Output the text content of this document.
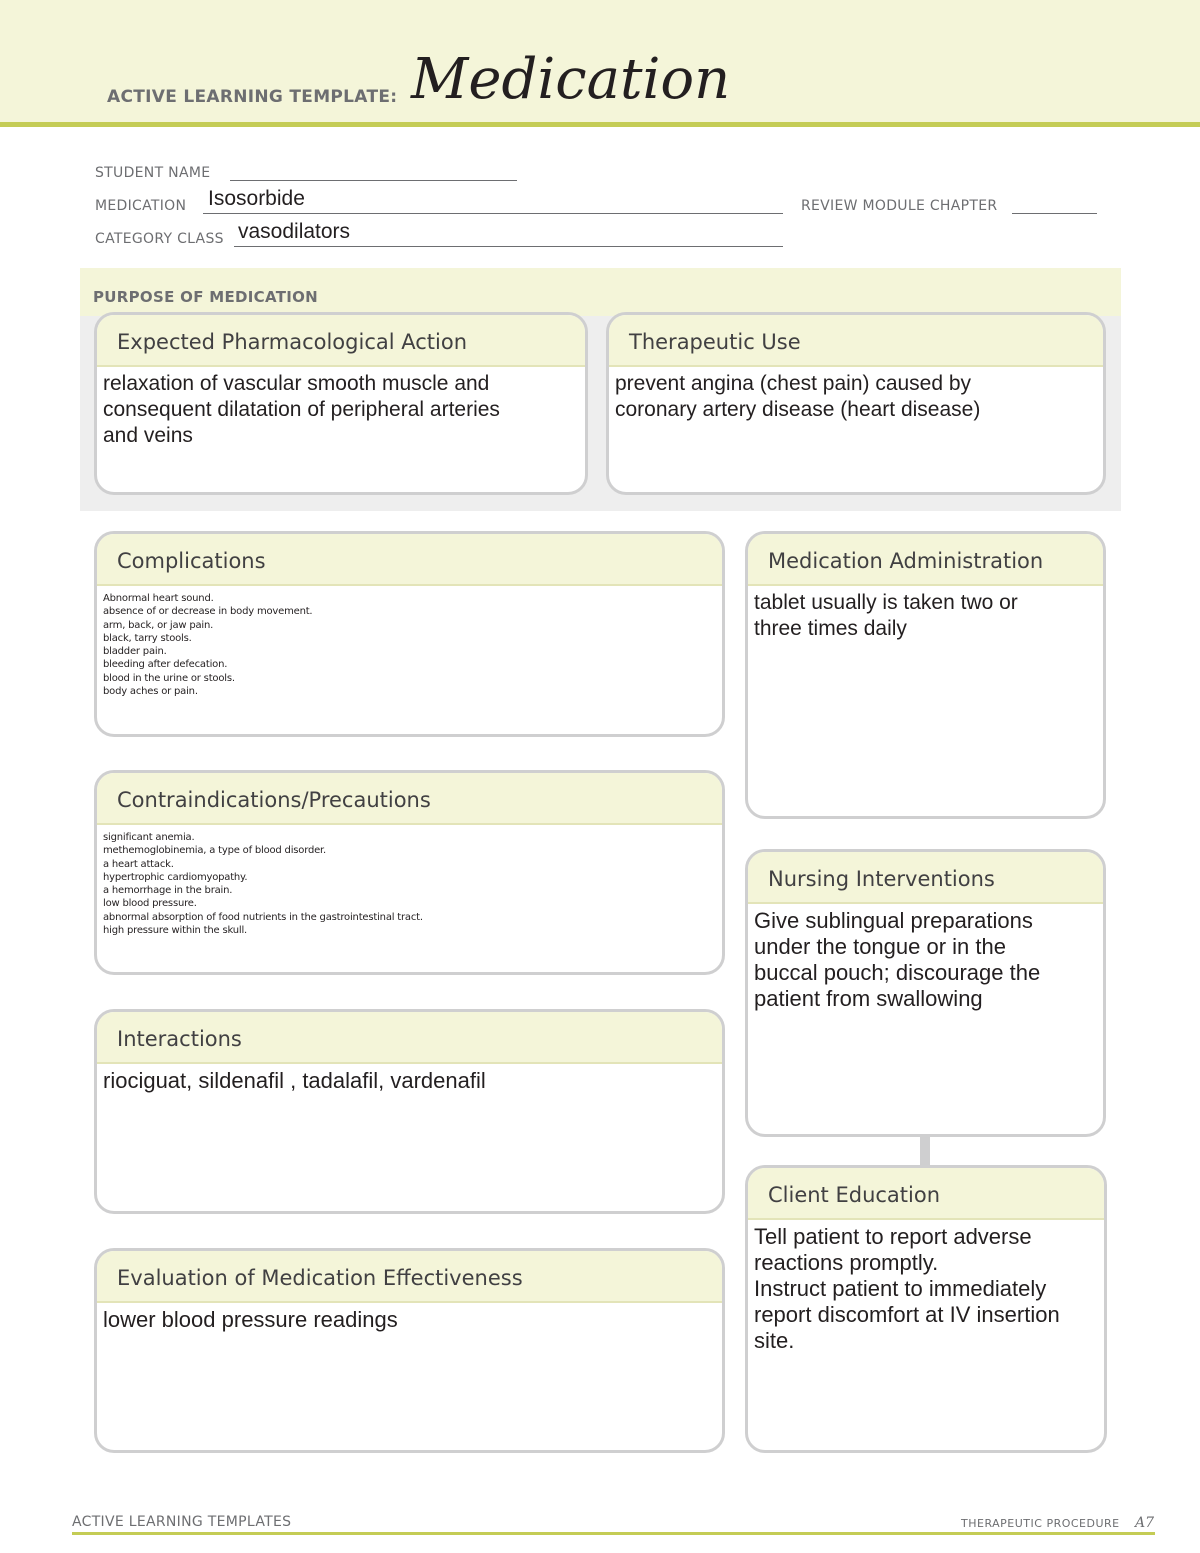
ACTIVE LEARNING TEMPLATE: Medication
STUDENT NAME
MEDICATION Isosorbide	REVIEW MODULE CHAPTER
CATEGORY CLASS vasodilators
PURPOSE OF MEDICATION
Expected Pharmacological Action
relaxation of vascular smooth muscle and
consequent dilatation of peripheral arteries
and veins
Therapeutic Use
prevent angina (chest pain) caused by
coronary artery disease (heart disease)
Complications
Abnormal heart sound.
absence of or decrease in body movement.
arm, back, or jaw pain.
black, tarry stools.
bladder pain.
bleeding after defecation.
blood in the urine or stools.
body aches or pain.
Contraindications/Precautions
significant anemia.
methemoglobinemia, a type of blood disorder.
a heart attack.
hypertrophic cardiomyopathy.
a hemorrhage in the brain.
low blood pressure.
abnormal absorption of food nutrients in the gastrointestinal tract.
high pressure within the skull.
Interactions
riociguat, sildenafil , tadalafil, vardenafil
Evaluation of Medication Effectiveness
lower blood pressure readings
Medication Administration
tablet usually is taken two or
three times daily
Nursing Interventions
Give sublingual preparations
under the tongue or in the
buccal pouch; discourage the
patient from swallowing
Client Education
Tell patient to report adverse
reactions promptly.
Instruct patient to immediately
report discomfort at IV insertion
site.
ACTIVE LEARNING TEMPLATES	THERAPEUTIC PROCEDURE A7
